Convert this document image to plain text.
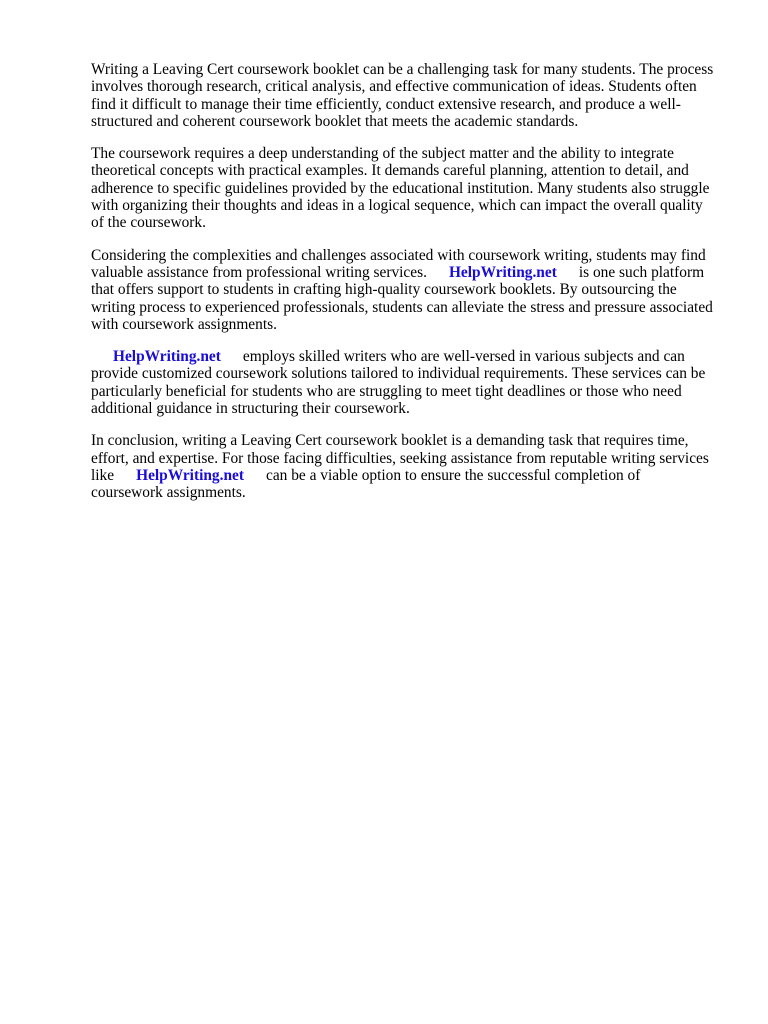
Writing a Leaving Cert coursework booklet can be a challenging task for many students. The process
involves thorough research, critical analysis, and effective communication of ideas. Students often
find it difficult to manage their time efficiently, conduct extensive research, and produce a well-
structured and coherent coursework booklet that meets the academic standards.

The coursework requires a deep understanding of the subject matter and the ability to integrate
theoretical concepts with practical examples. It demands careful planning, attention to detail, and
adherence to specific guidelines provided by the educational institution. Many students also struggle
with organizing their thoughts and ideas in a logical sequence, which can impact the overall quality
of the coursework.

Considering the complexities and challenges associated with coursework writing, students may find
valuable assistance from professional writing services. HelpWriting.net is one such platform
that offers support to students in crafting high-quality coursework booklets. By outsourcing the
writing process to experienced professionals, students can alleviate the stress and pressure associated
with coursework assignments.

HelpWriting.net employs skilled writers who are well-versed in various subjects and can
provide customized coursework solutions tailored to individual requirements. These services can be
particularly beneficial for students who are struggling to meet tight deadlines or those who need
additional guidance in structuring their coursework.

In conclusion, writing a Leaving Cert coursework booklet is a demanding task that requires time,
effort, and expertise. For those facing difficulties, seeking assistance from reputable writing services
like HelpWriting.net can be a viable option to ensure the successful completion of
coursework assignments.
